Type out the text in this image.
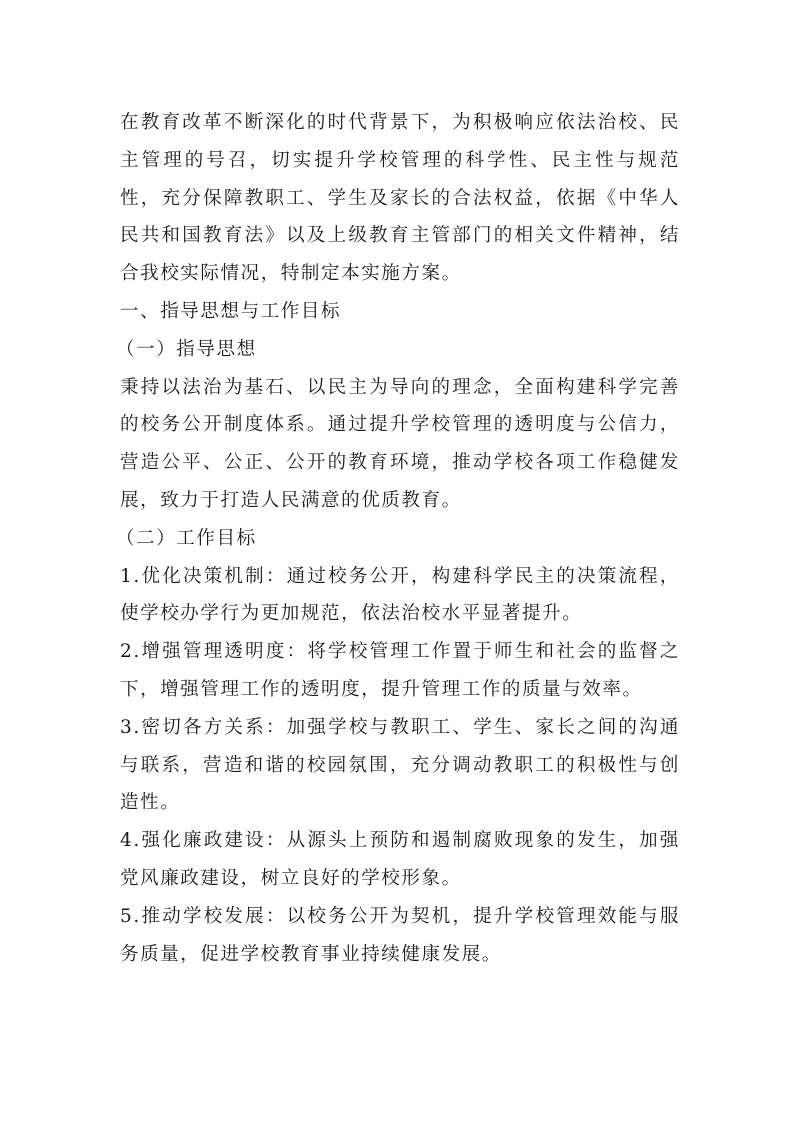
在教育改革不断深化的时代背景下，为积极响应依法治校、民主管理的号召，切实提升学校管理的科学性、民主性与规范性，充分保障教职工、学生及家长的合法权益，依据《中华人民共和国教育法》以及上级教育主管部门的相关文件精神，结合我校实际情况，特制定本实施方案。

一、指导思想与工作目标

（一）指导思想

秉持以法治为基石、以民主为导向的理念，全面构建科学完善的校务公开制度体系。通过提升学校管理的透明度与公信力，营造公平、公正、公开的教育环境，推动学校各项工作稳健发展，致力于打造人民满意的优质教育。

（二）工作目标

1.优化决策机制：通过校务公开，构建科学民主的决策流程，使学校办学行为更加规范，依法治校水平显著提升。

2.增强管理透明度：将学校管理工作置于师生和社会的监督之下，增强管理工作的透明度，提升管理工作的质量与效率。

3.密切各方关系：加强学校与教职工、学生、家长之间的沟通与联系，营造和谐的校园氛围，充分调动教职工的积极性与创造性。

4.强化廉政建设：从源头上预防和遏制腐败现象的发生，加强党风廉政建设，树立良好的学校形象。

5.推动学校发展：以校务公开为契机，提升学校管理效能与服务质量，促进学校教育事业持续健康发展。
